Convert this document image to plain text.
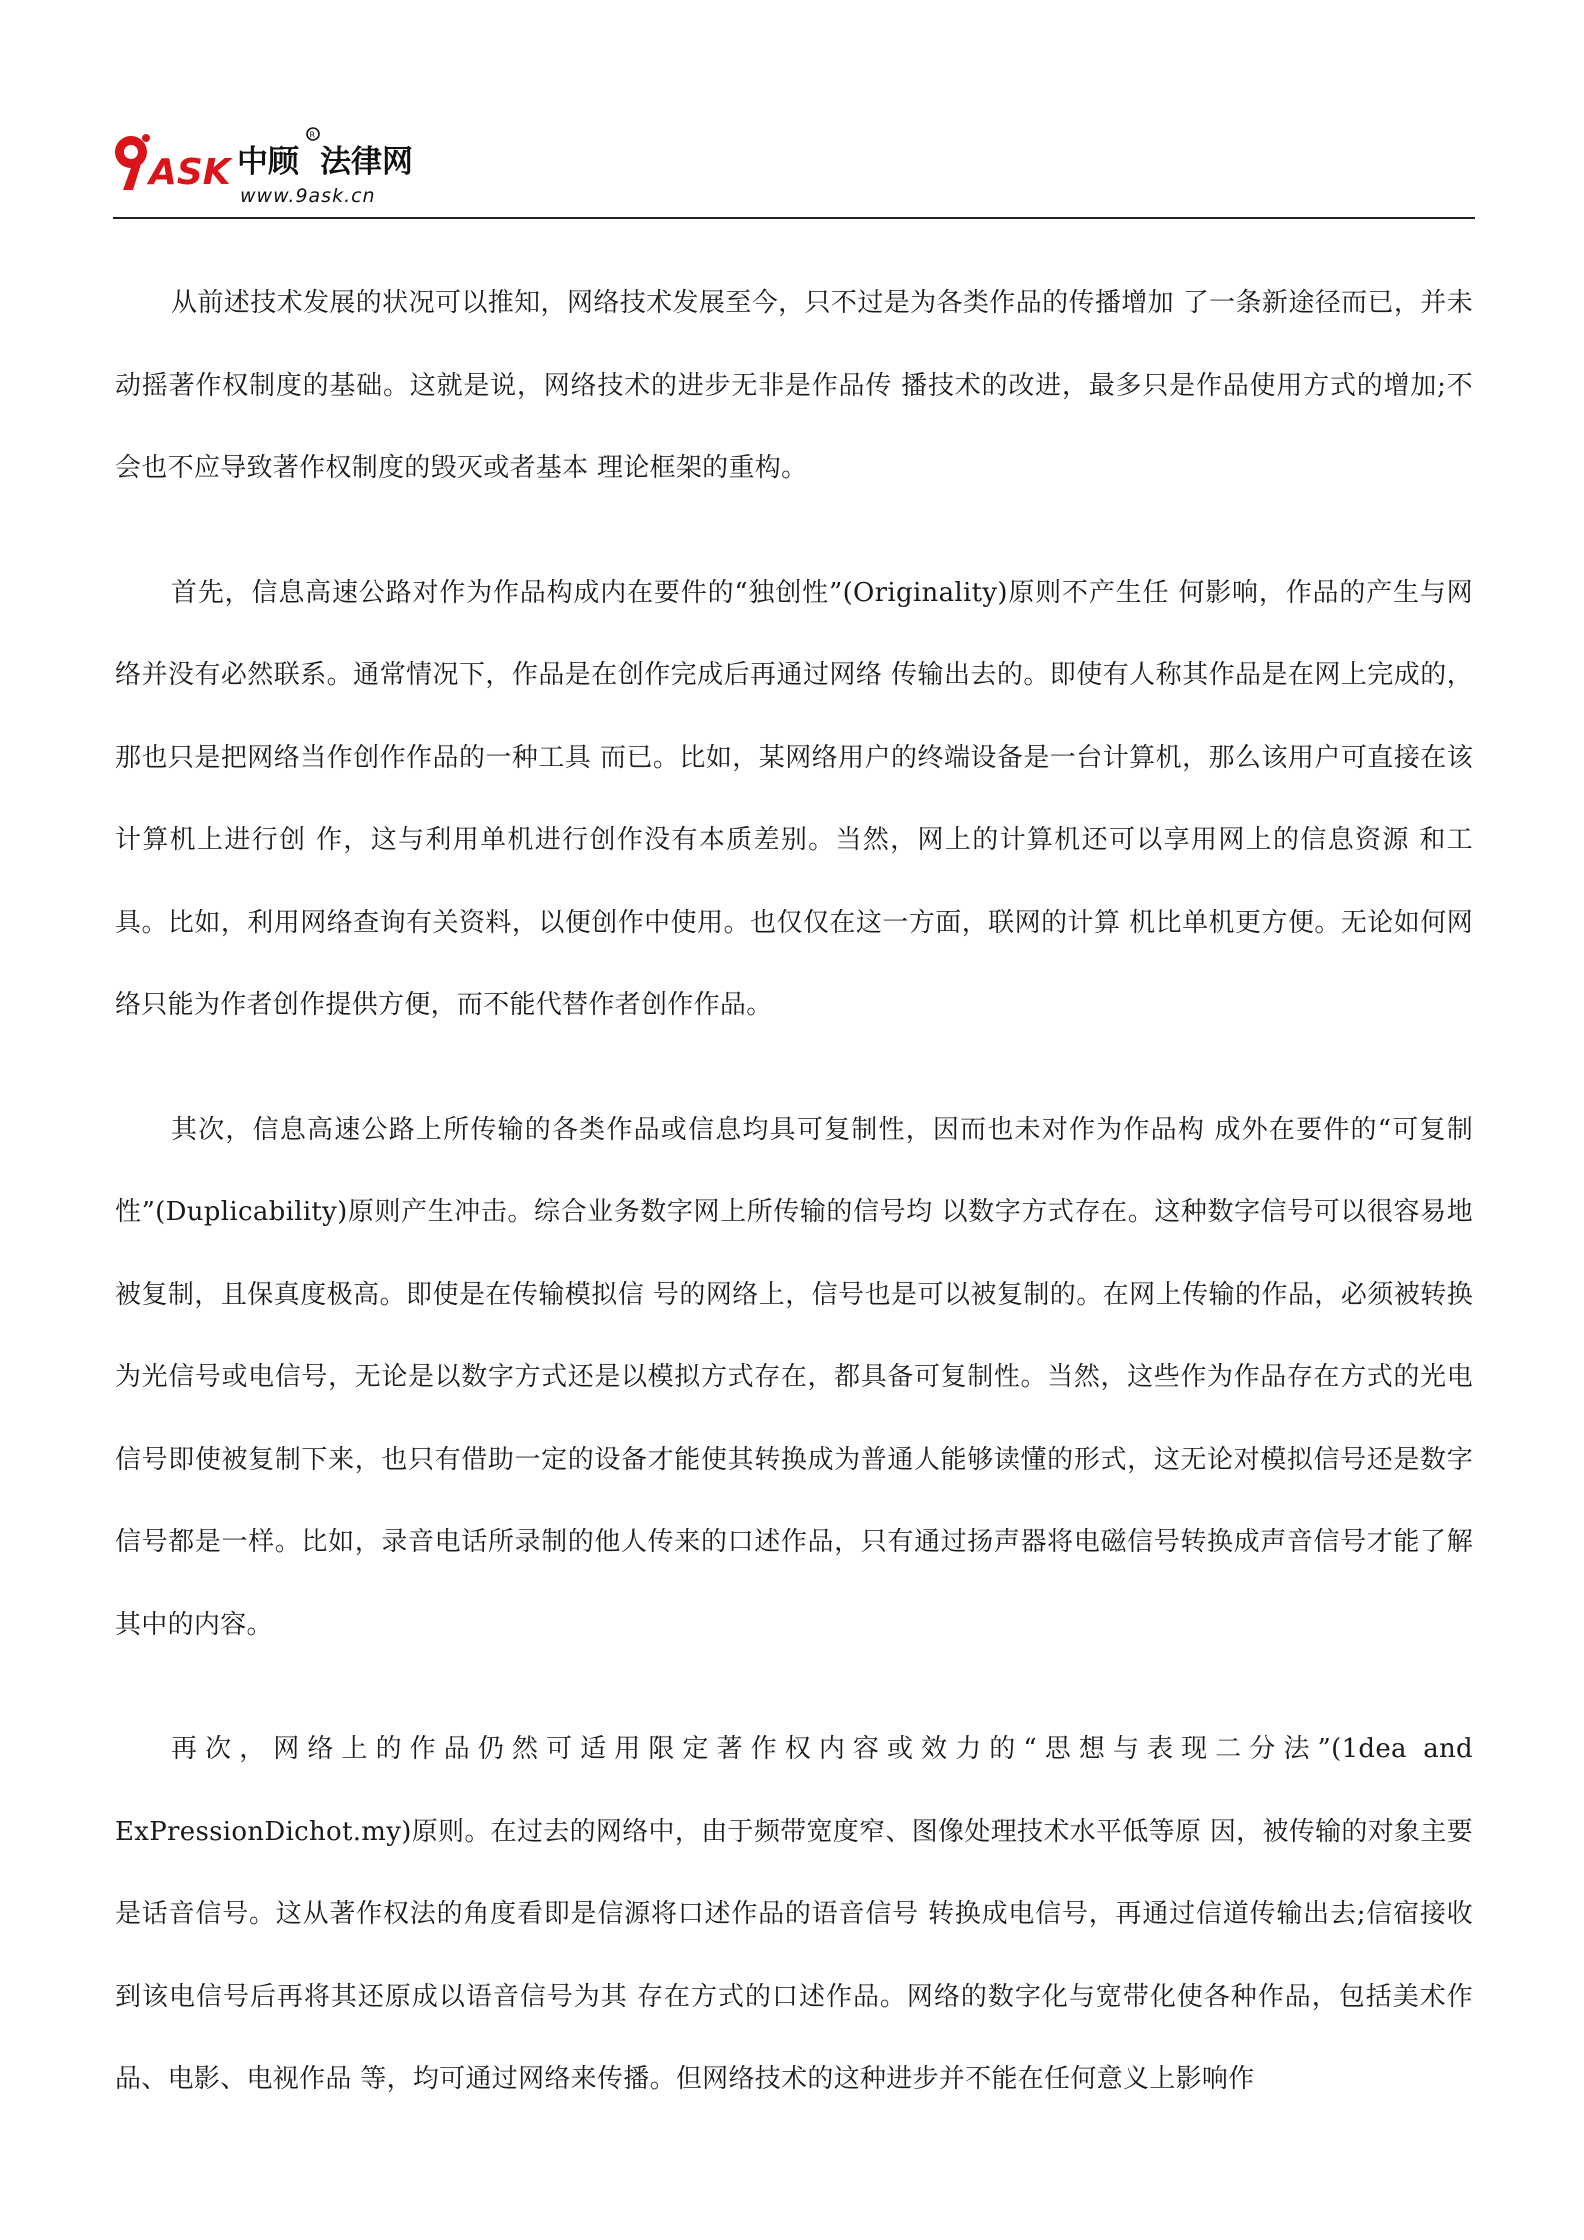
ASK 中顾
R
法律网
www.9ask.cn

从前述技术发展的状况可以推知，网络技术发展至今，只不过是为各类作品的传播增加 了一条新途径而已，并未动摇著作权制度的基础。这就是说，网络技术的进步无非是作品传 播技术的改进，最多只是作品使用方式的增加;不会也不应导致著作权制度的毁灭或者基本 理论框架的重构。

首先，信息高速公路对作为作品构成内在要件的“独创性”(Originality)原则不产生任 何影响，作品的产生与网络并没有必然联系。通常情况下，作品是在创作完成后再通过网络 传输出去的。即使有人称其作品是在网上完成的，那也只是把网络当作创作作品的一种工具 而已。比如，某网络用户的终端设备是一台计算机，那么该用户可直接在该计算机上进行创 作，这与利用单机进行创作没有本质差别。当然，网上的计算机还可以享用网上的信息资源 和工具。比如，利用网络查询有关资料，以便创作中使用。也仅仅在这一方面，联网的计算 机比单机更方便。无论如何网络只能为作者创作提供方便，而不能代替作者创作作品。

其次，信息高速公路上所传输的各类作品或信息均具可复制性，因而也未对作为作品构 成外在要件的“可复制性”(Duplicability)原则产生冲击。综合业务数字网上所传输的信号均 以数字方式存在。这种数字信号可以很容易地被复制，且保真度极高。即使是在传输模拟信 号的网络上，信号也是可以被复制的。在网上传输的作品，必须被转换为光信号或电信号，无论是以数字方式还是以模拟方式存在，都具备可复制性。当然，这些作为作品存在方式的光电信号即使被复制下来，也只有借助一定的设备才能使其转换成为普通人能够读懂的形式，这无论对模拟信号还是数字信号都是一样。比如，录音电话所录制的他人传来的口述作品，只有通过扬声器将电磁信号转换成声音信号才能了解其中的内容。

再次，网络上的作品仍然可适用限定著作权内容或效力的“思想与表现二分法”(1dea and ExPressionDichot.my)原则。在过去的网络中，由于频带宽度窄、图像处理技术水平低等原 因，被传输的对象主要是话音信号。这从著作权法的角度看即是信源将口述作品的语音信号 转换成电信号，再通过信道传输出去;信宿接收到该电信号后再将其还原成以语音信号为其 存在方式的口述作品。网络的数字化与宽带化使各种作品，包括美术作品、电影、电视作品 等，均可通过网络来传播。但网络技术的这种进步并不能在任何意义上影响作
